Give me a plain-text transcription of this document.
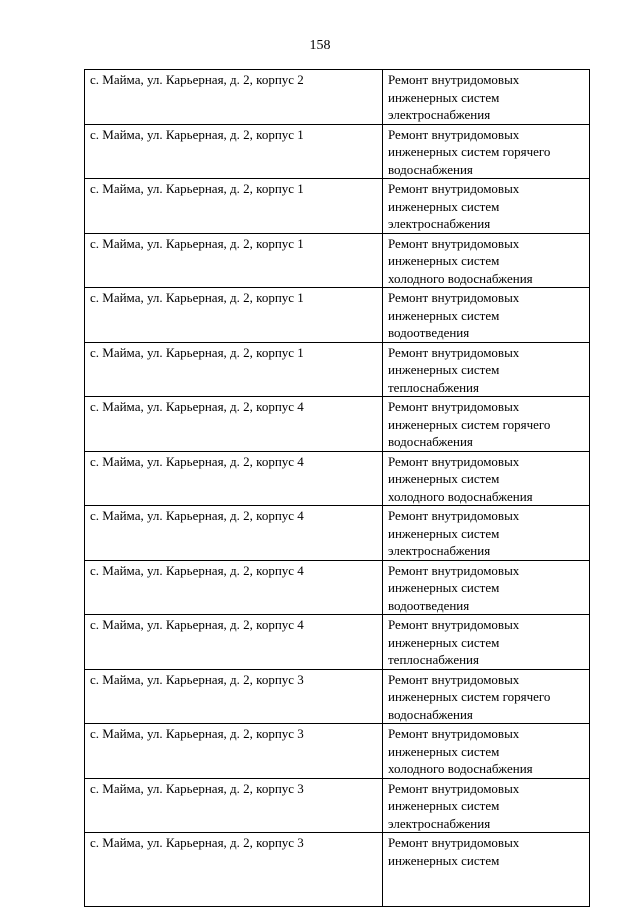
158
с. Майма, ул. Карьерная, д. 2, корпус 2	Ремонт внутридомовых
инженерных систем
электроснабжения
с. Майма, ул. Карьерная, д. 2, корпус 1	Ремонт внутридомовых
инженерных систем горячего
водоснабжения
с. Майма, ул. Карьерная, д. 2, корпус 1	Ремонт внутридомовых
инженерных систем
электроснабжения
с. Майма, ул. Карьерная, д. 2, корпус 1	Ремонт внутридомовых
инженерных систем
холодного водоснабжения
с. Майма, ул. Карьерная, д. 2, корпус 1	Ремонт внутридомовых
инженерных систем
водоотведения
с. Майма, ул. Карьерная, д. 2, корпус 1	Ремонт внутридомовых
инженерных систем
теплоснабжения
с. Майма, ул. Карьерная, д. 2, корпус 4	Ремонт внутридомовых
инженерных систем горячего
водоснабжения
с. Майма, ул. Карьерная, д. 2, корпус 4	Ремонт внутридомовых
инженерных систем
холодного водоснабжения
с. Майма, ул. Карьерная, д. 2, корпус 4	Ремонт внутридомовых
инженерных систем
электроснабжения
с. Майма, ул. Карьерная, д. 2, корпус 4	Ремонт внутридомовых
инженерных систем
водоотведения
с. Майма, ул. Карьерная, д. 2, корпус 4	Ремонт внутридомовых
инженерных систем
теплоснабжения
с. Майма, ул. Карьерная, д. 2, корпус 3	Ремонт внутридомовых
инженерных систем горячего
водоснабжения
с. Майма, ул. Карьерная, д. 2, корпус 3	Ремонт внутридомовых
инженерных систем
холодного водоснабжения
с. Майма, ул. Карьерная, д. 2, корпус 3	Ремонт внутридомовых
инженерных систем
электроснабжения
с. Майма, ул. Карьерная, д. 2, корпус 3	Ремонт внутридомовых
инженерных систем
